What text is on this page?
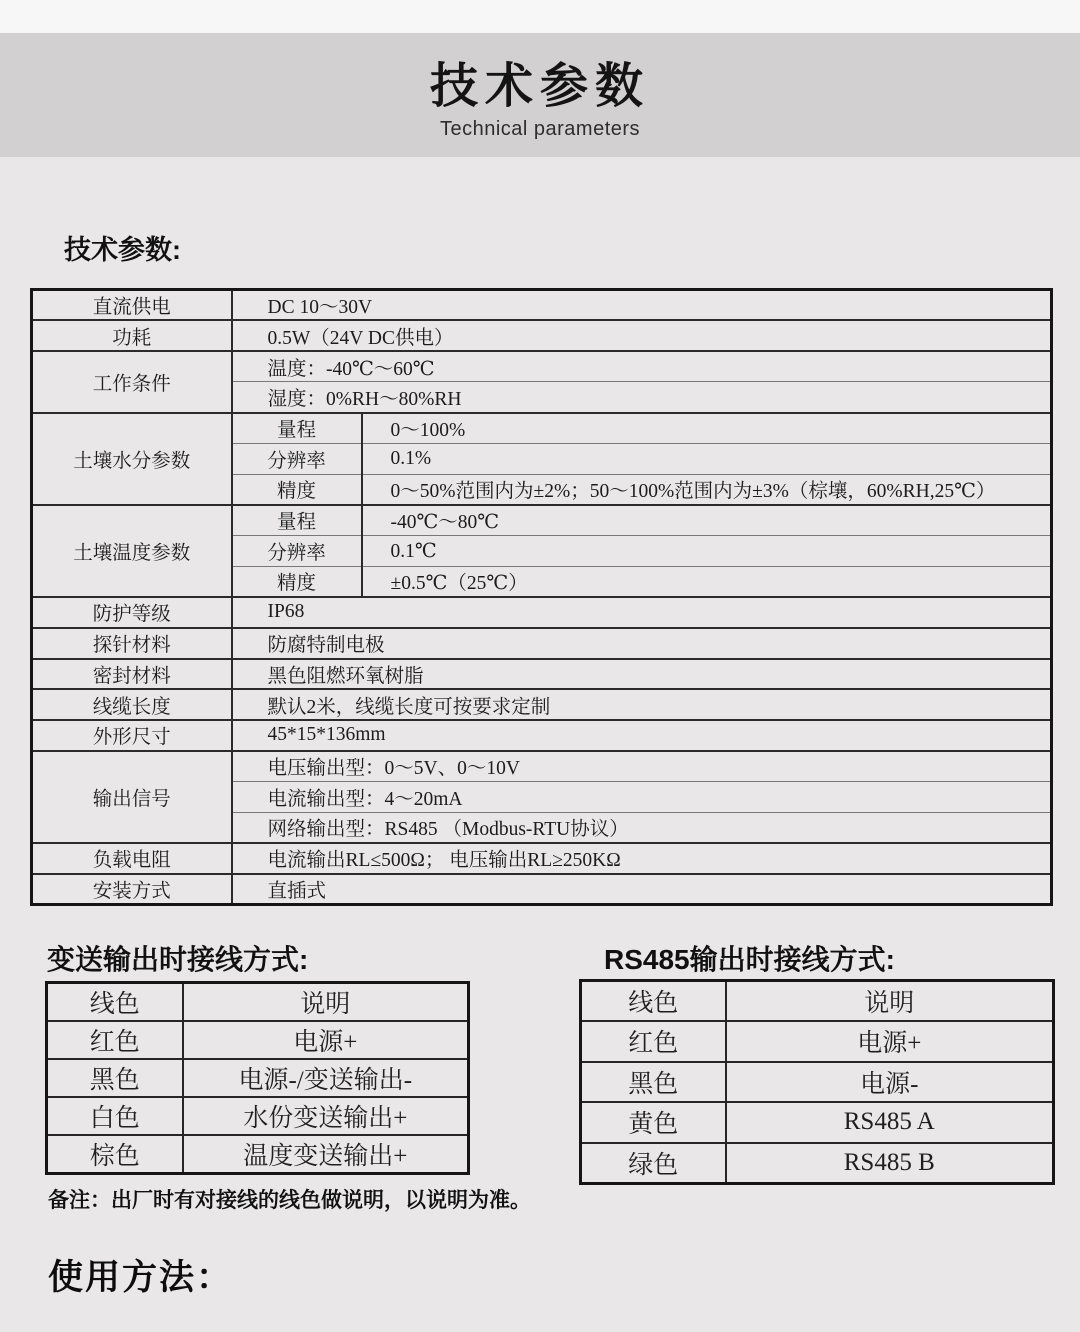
技术参数
Technical parameters
技术参数:
直流供电	DC 10～30V	
功耗	0.5W（24V DC供电）	
工作条件	温度：-40℃～60℃	
	湿度：0%RH～80%RH	
土壤水分参数	量程	0～100%
	分辨率	0.1%
	精度	0～50%范围内为±2%；50～100%范围内为±3%（棕壤，60%RH,25℃）
土壤温度参数	量程	-40℃～80℃
	分辨率	0.1℃
	精度	±0.5℃（25℃）
防护等级	IP68	
探针材料	防腐特制电极	
密封材料	黑色阻燃环氧树脂	
线缆长度	默认2米，线缆长度可按要求定制	
外形尺寸	45*15*136mm	
输出信号	电压输出型：0～5V、0～10V	
	电流输出型：4～20mA	
	网络输出型：RS485 （Modbus-RTU协议）	
负载电阻	电流输出RL≤500Ω； 电压输出RL≥250KΩ	
安装方式	直插式	
变送输出时接线方式:	RS485输出时接线方式:
线色	说明
红色	电源+
黑色	电源-/变送输出-
白色	水份变送输出+
棕色	温度变送输出+
线色	说明
红色	电源+
黑色	电源-
黄色	RS485 A
绿色	RS485 B
备注：出厂时有对接线的线色做说明，以说明为准。
使用方法：
